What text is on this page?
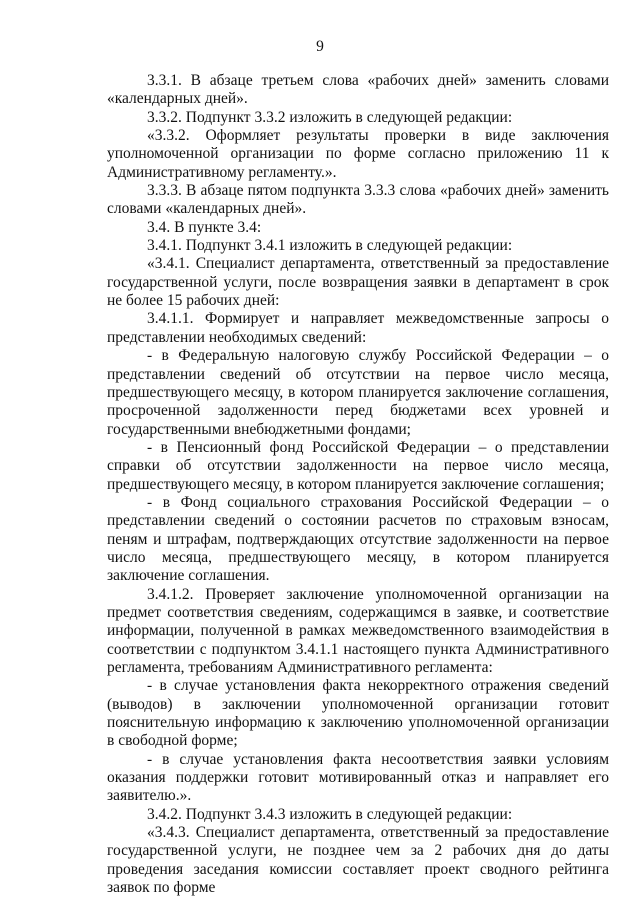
9

3.3.1. В абзаце третьем слова «рабочих дней» заменить словами «календарных дней».

3.3.2. Подпункт 3.3.2 изложить в следующей редакции:

«3.3.2. Оформляет результаты проверки в виде заключения уполномоченной организации по форме согласно приложению 11 к Административному регламенту.».

3.3.3. В абзаце пятом подпункта 3.3.3 слова «рабочих дней» заменить словами «календарных дней».

3.4. В пункте 3.4:

3.4.1. Подпункт 3.4.1 изложить в следующей редакции:

«3.4.1. Специалист департамента, ответственный за предоставление государственной услуги, после возвращения заявки в департамент в срок не более 15 рабочих дней:

3.4.1.1. Формирует и направляет межведомственные запросы о представлении необходимых сведений:

- в Федеральную налоговую службу Российской Федерации – о представлении сведений об отсутствии на первое число месяца, предшествующего месяцу, в котором планируется заключение соглашения, просроченной задолженности перед бюджетами всех уровней и государственными внебюджетными фондами;

- в Пенсионный фонд Российской Федерации – о представлении справки об отсутствии задолженности на первое число месяца, предшествующего месяцу, в котором планируется заключение соглашения;

- в Фонд социального страхования Российской Федерации – о представлении сведений о состоянии расчетов по страховым взносам, пеням и штрафам, подтверждающих отсутствие задолженности на первое число месяца, предшествующего месяцу, в котором планируется заключение соглашения.

3.4.1.2. Проверяет заключение уполномоченной организации на предмет соответствия сведениям, содержащимся в заявке, и соответствие информации, полученной в рамках межведомственного взаимодействия в соответствии с подпунктом 3.4.1.1 настоящего пункта Административного регламента, требованиям Административного регламента:

- в случае установления факта некорректного отражения сведений (выводов) в заключении уполномоченной организации готовит пояснительную информацию к заключению уполномоченной организации в свободной форме;

- в случае установления факта несоответствия заявки условиям оказания поддержки готовит мотивированный отказ и направляет его заявителю.».

3.4.2. Подпункт 3.4.3 изложить в следующей редакции:

«3.4.3. Специалист департамента, ответственный за предоставление государственной услуги, не позднее чем за 2 рабочих дня до даты проведения заседания комиссии составляет проект сводного рейтинга заявок по форме
